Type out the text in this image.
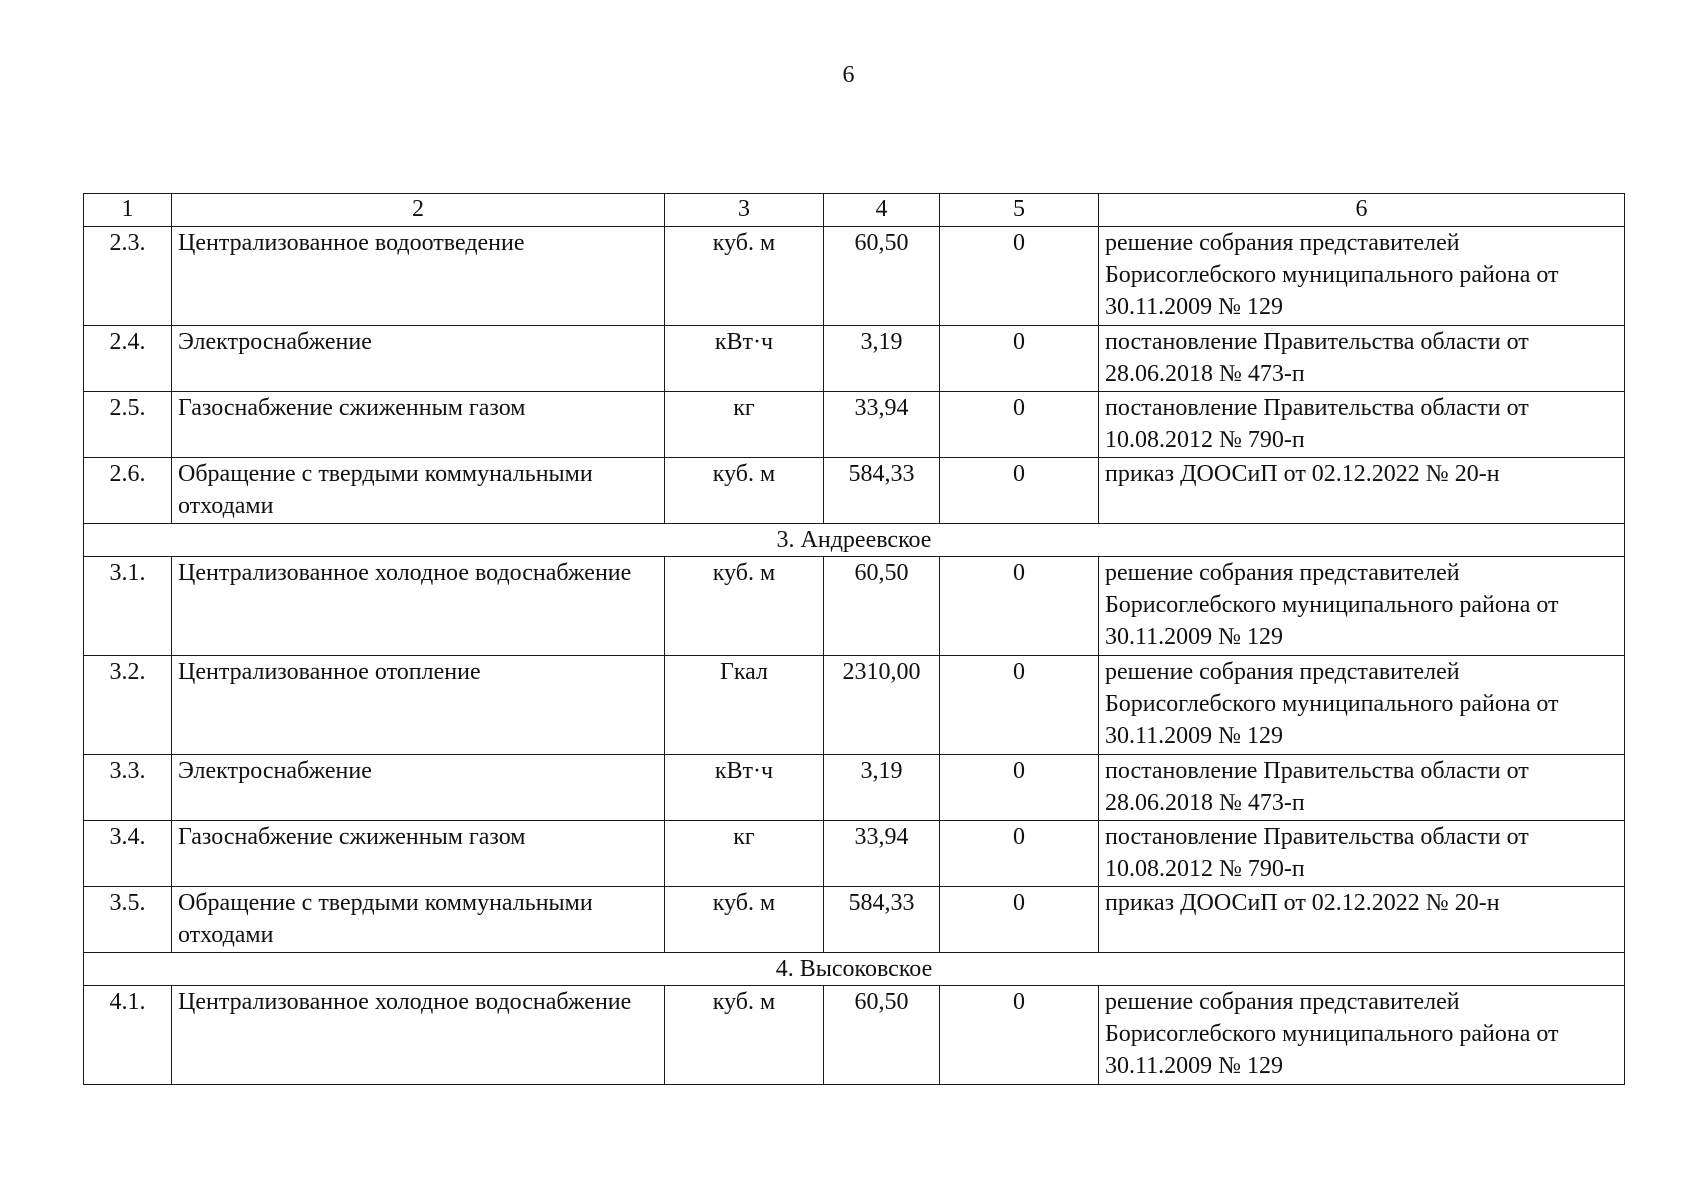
6
1	2	3	4	5	6
2.3.	Централизованное водоотведение	куб. м	60,50	0	решение собрания представителей Борисоглебского муниципального района от 30.11.2009 № 129
2.4.	Электроснабжение	кВт·ч	3,19	0	постановление Правительства области от 28.06.2018 № 473-п
2.5.	Газоснабжение сжиженным газом	кг	33,94	0	постановление Правительства области от 10.08.2012 № 790-п
2.6.	Обращение с твердыми коммунальными отходами	куб. м	584,33	0	приказ ДООСиП от 02.12.2022 № 20-н
3. Андреевское					
3.1.	Централизованное холодное водоснабжение	куб. м	60,50	0	решение собрания представителей Борисоглебского муниципального района от 30.11.2009 № 129
3.2.	Централизованное отопление	Гкал	2310,00	0	решение собрания представителей Борисоглебского муниципального района от 30.11.2009 № 129
3.3.	Электроснабжение	кВт·ч	3,19	0	постановление Правительства области от 28.06.2018 № 473-п
3.4.	Газоснабжение сжиженным газом	кг	33,94	0	постановление Правительства области от 10.08.2012 № 790-п
3.5.	Обращение с твердыми коммунальными отходами	куб. м	584,33	0	приказ ДООСиП от 02.12.2022 № 20-н
4. Высоковское					
4.1.	Централизованное холодное водоснабжение	куб. м	60,50	0	решение собрания представителей Борисоглебского муниципального района от 30.11.2009 № 129
